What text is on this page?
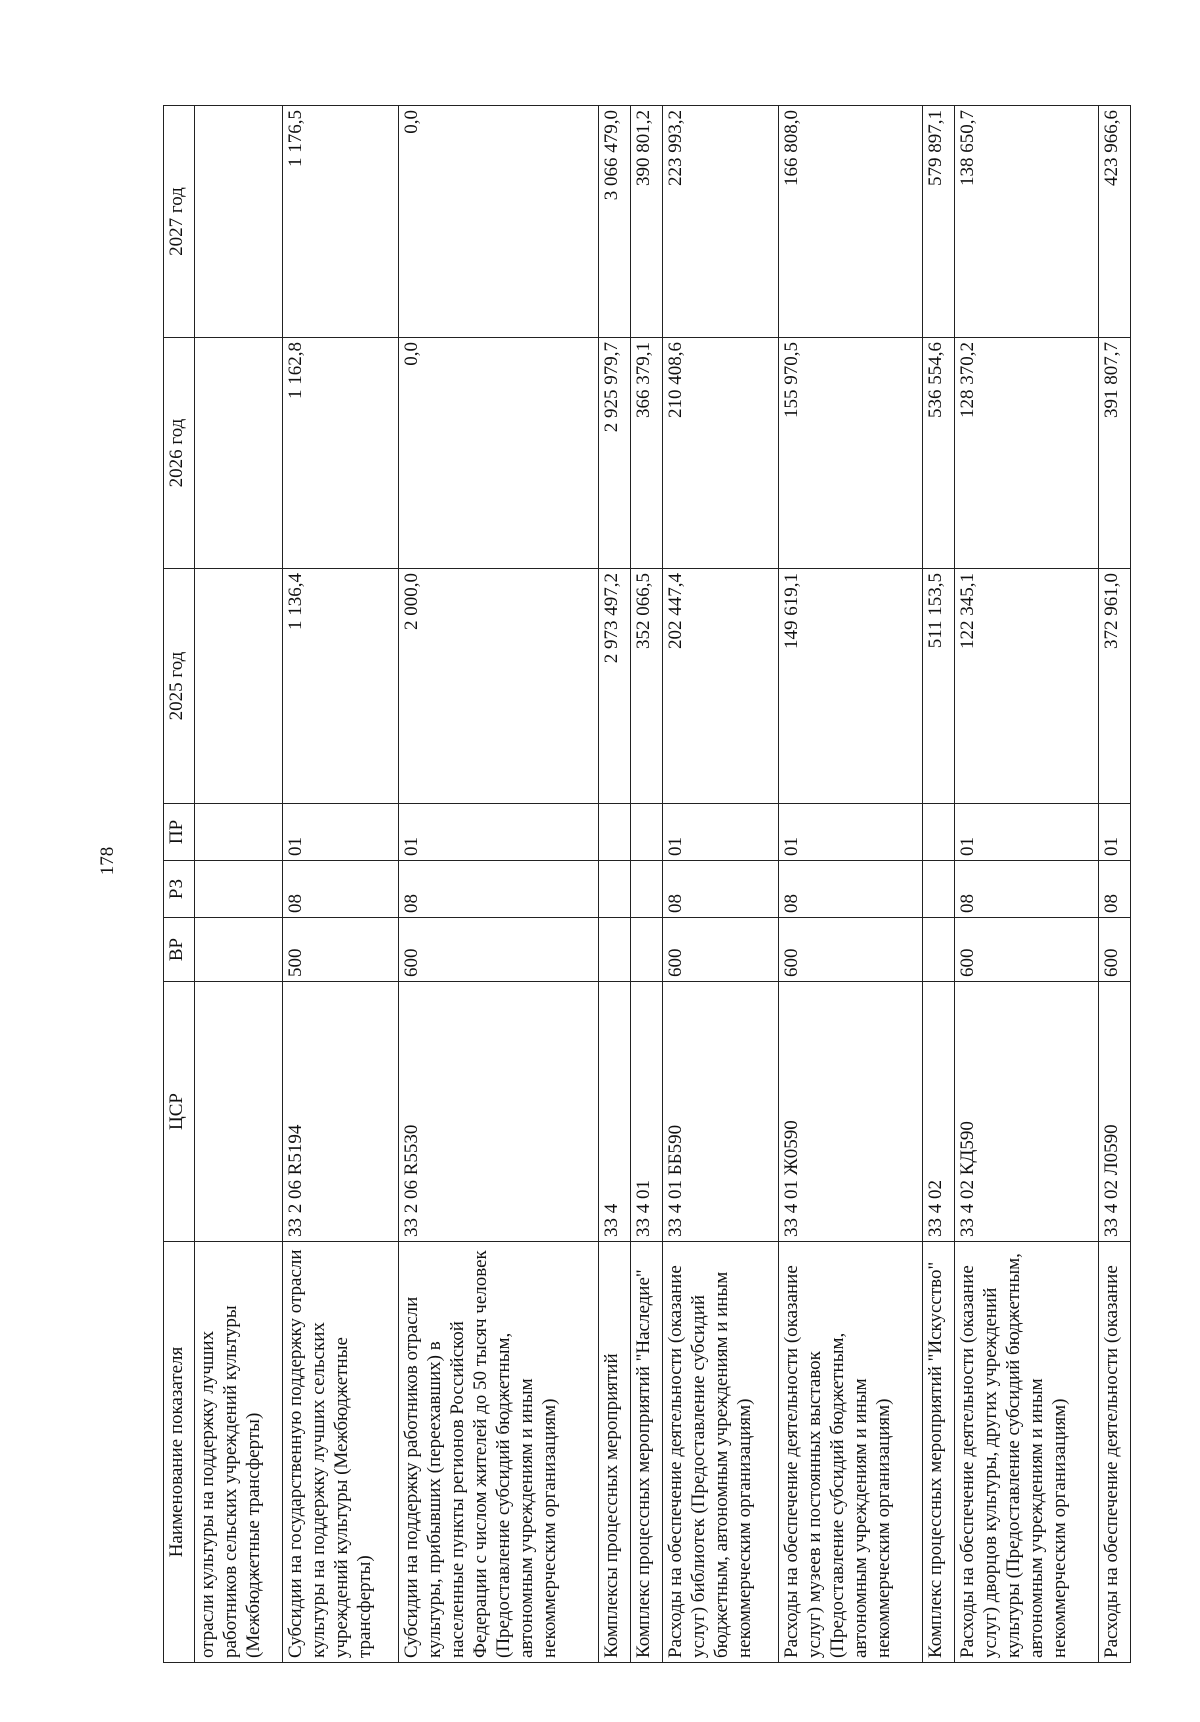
178
Наименование показателя	ЦСР	ВР	РЗ	ПР	2025 год	2026 год	2027 год
отрасли культуры на поддержку лучших работников сельских учреждений культуры (Межбюджетные трансферты)							
Субсидии на государственную поддержку отрасли культуры на поддержку лучших сельских учреждений культуры (Межбюджетные трансферты)	33 2 06 R5194	500	08	01	1 136,4	1 162,8	1 176,5
Субсидии на поддержку работников отрасли культуры, прибывших (переехавших) в населенные пункты регионов Российской Федерации с числом жителей до 50 тысяч человек (Предоставление субсидий бюджетным, автономным учреждениям и иным некоммерческим организациям)	33 2 06 R5530	600	08	01	2 000,0	0,0	0,0
Комплексы процессных мероприятий	33 4				2 973 497,2	2 925 979,7	3 066 479,0
Комплекс процессных мероприятий "Наследие"	33 4 01				352 066,5	366 379,1	390 801,2
Расходы на обеспечение деятельности (оказание услуг) библиотек (Предоставление субсидий бюджетным, автономным учреждениям и иным некоммерческим организациям)	33 4 01 ББ590	600	08	01	202 447,4	210 408,6	223 993,2
Расходы на обеспечение деятельности (оказание услуг) музеев и постоянных выставок (Предоставление субсидий бюджетным, автономным учреждениям и иным некоммерческим организациям)	33 4 01 Ж0590	600	08	01	149 619,1	155 970,5	166 808,0
Комплекс процессных мероприятий "Искусство"	33 4 02				511 153,5	536 554,6	579 897,1
Расходы на обеспечение деятельности (оказание услуг) дворцов культуры, других учреждений культуры (Предоставление субсидий бюджетным, автономным учреждениям и иным некоммерческим организациям)	33 4 02 КД590	600	08	01	122 345,1	128 370,2	138 650,7
Расходы на обеспечение деятельности (оказание	33 4 02 Л0590	600	08	01	372 961,0	391 807,7	423 966,6
